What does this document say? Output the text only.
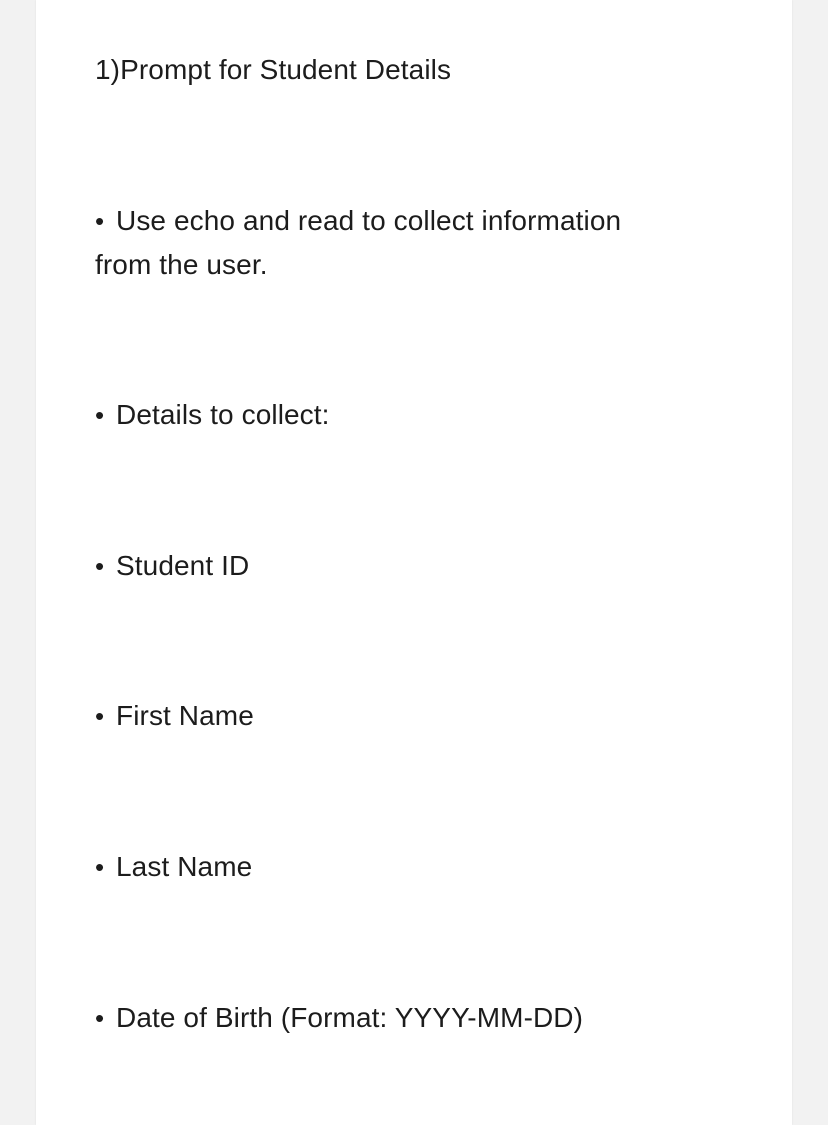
1)Prompt for Student Details
• Use echo and read to collect information
from the user.
• Details to collect:
• Student ID
• First Name
• Last Name
• Date of Birth (Format: YYYY-MM-DD)
